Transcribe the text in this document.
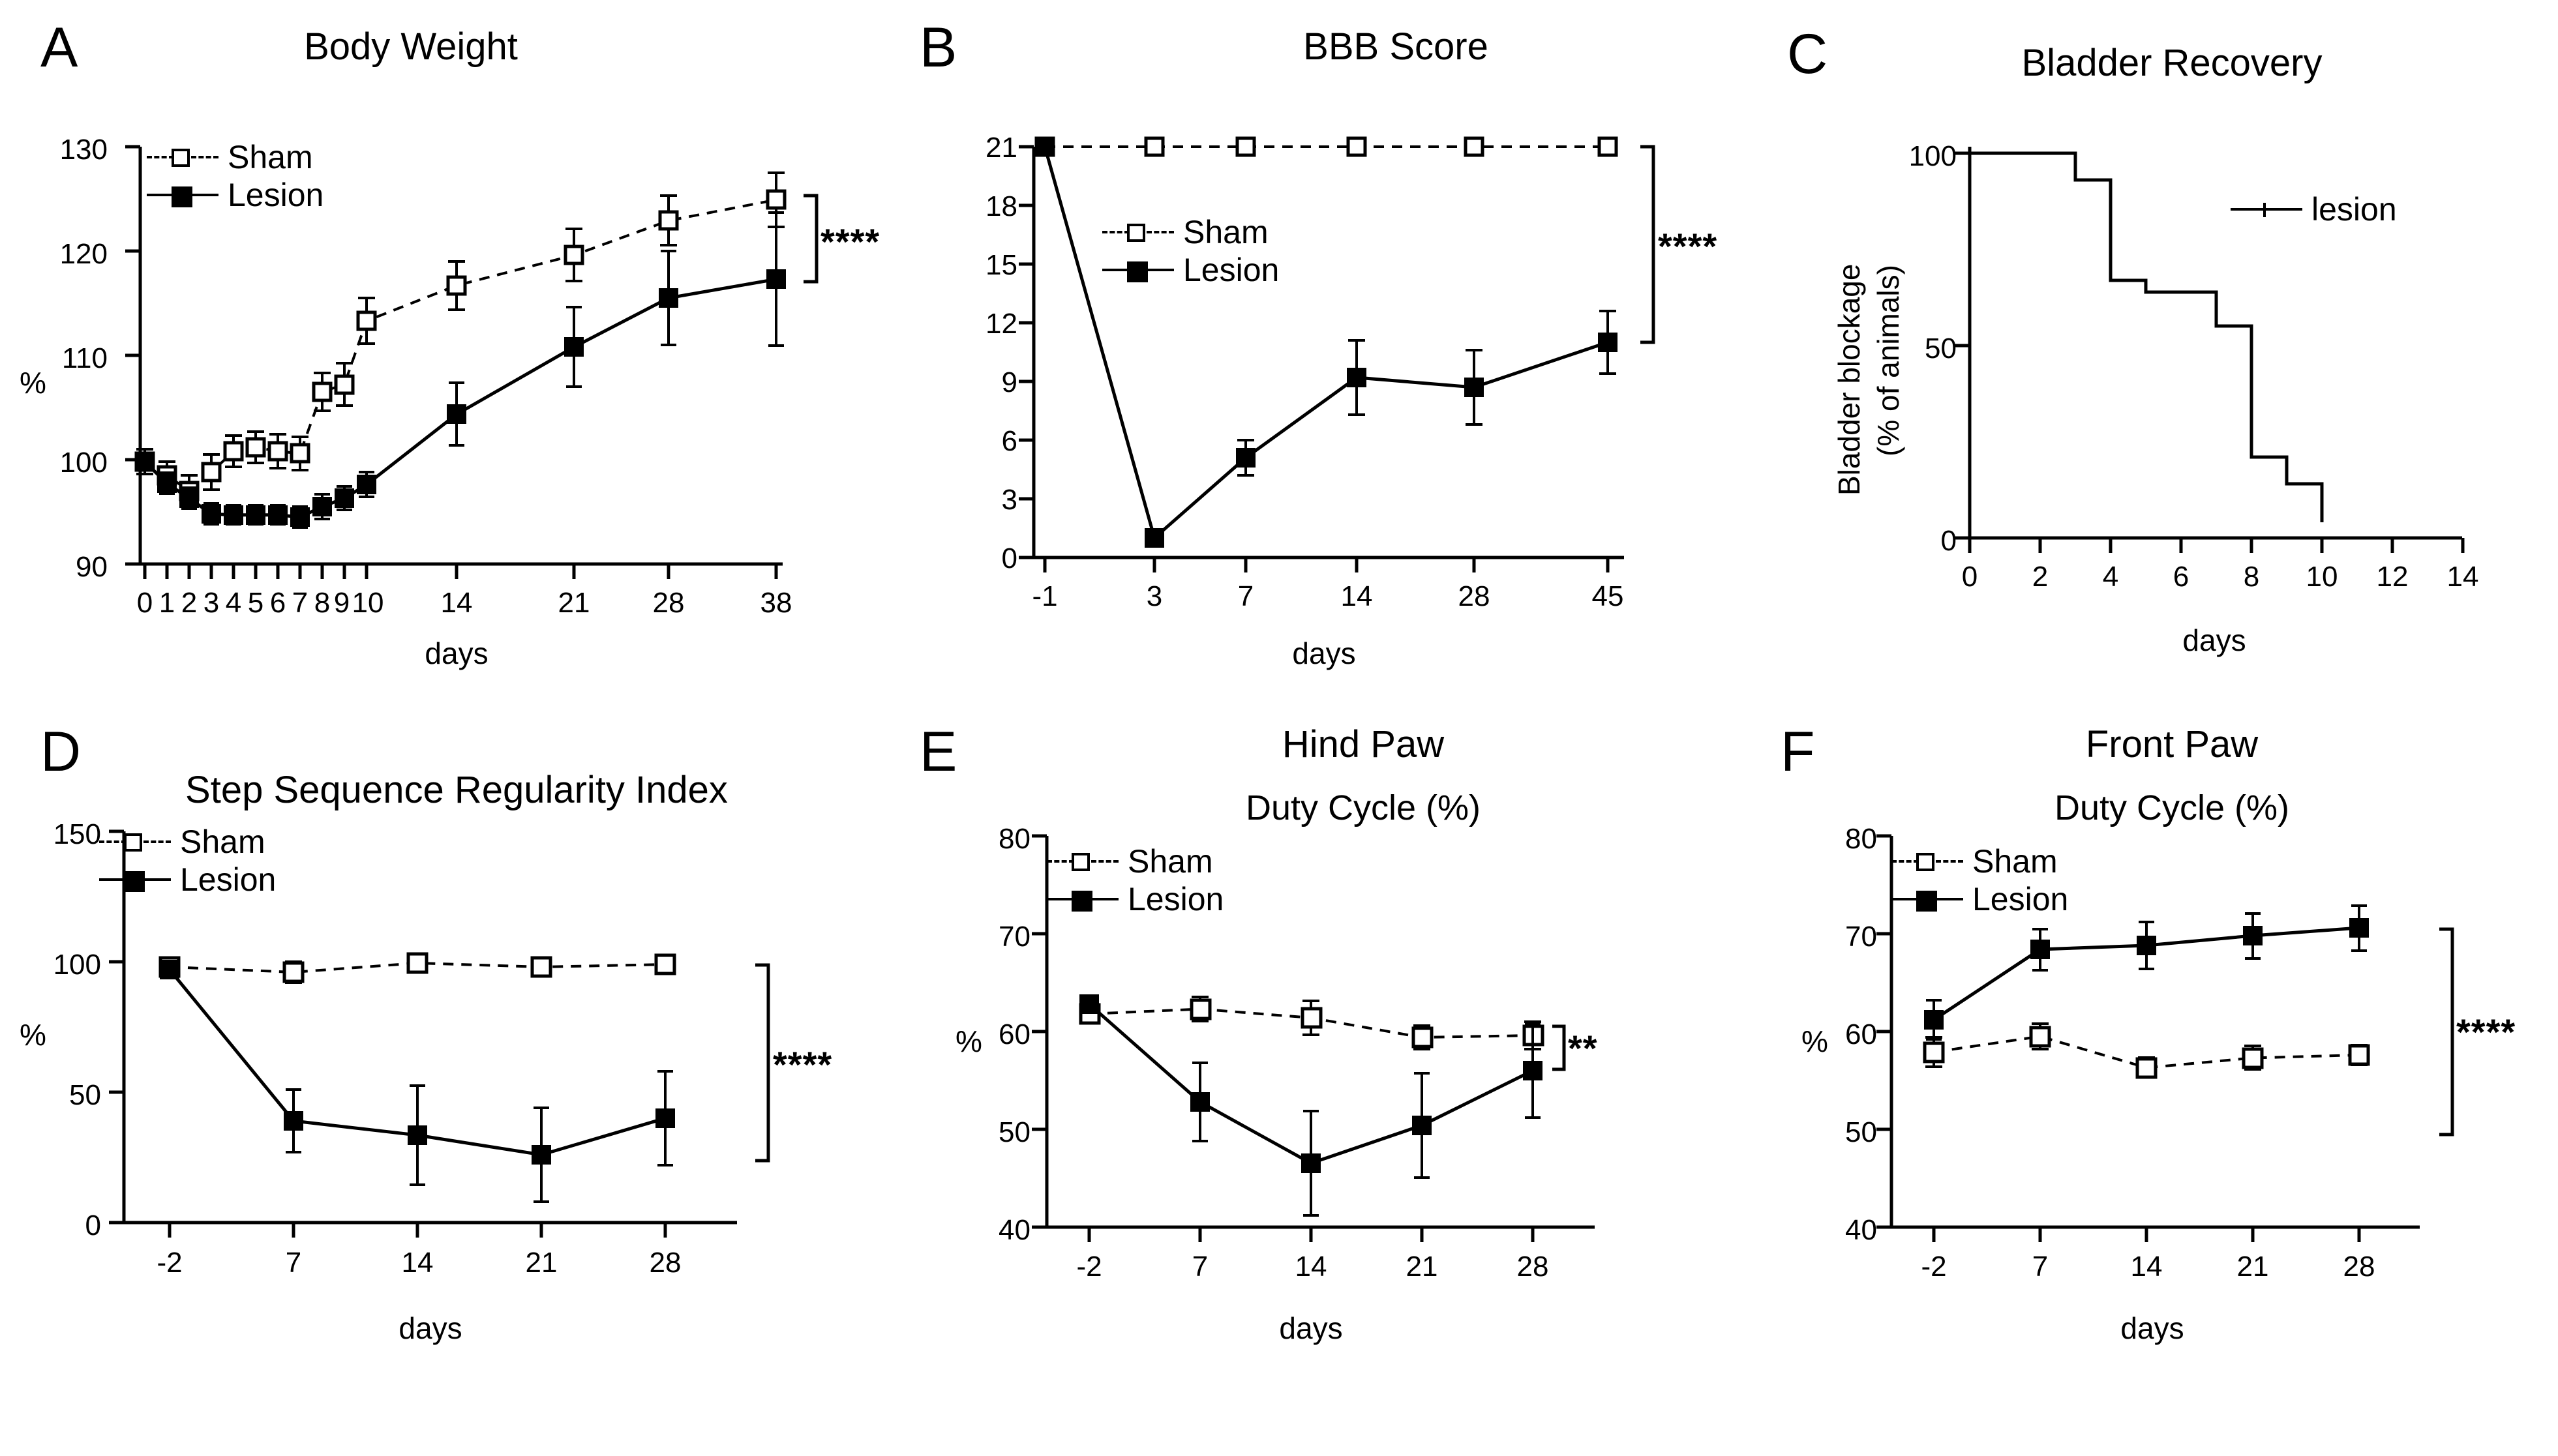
A	Body Weight
Sham
Lesion
130
120
110
100
90
%
****
0 1 2 3 4 5 6 7 8 9 10 14	21 28	38
days
B	BBB Score
Sham
Lesion
21
18
15
12
9
6
3
0
****
-1	3	7	14	28	45
days
C	Bladder Recovery
lesion
100
50
0
Bladder blockage (% of animals)
0	2	4	6	8	10 12 14
days
D
Step Sequence Regularity Index
Sham
Lesion
150
100
50
0
%
****
-2	7	14	21	28
days
E	Hind Paw
Duty Cycle (%)
Sham
Lesion
80
70
60
50
40
%	**
-2	7	14	21	28
days
F	Front Paw
Duty Cycle (%)
Sham
Lesion
80
70
60
50
40
%	****
-2	7	14	21	28
days
